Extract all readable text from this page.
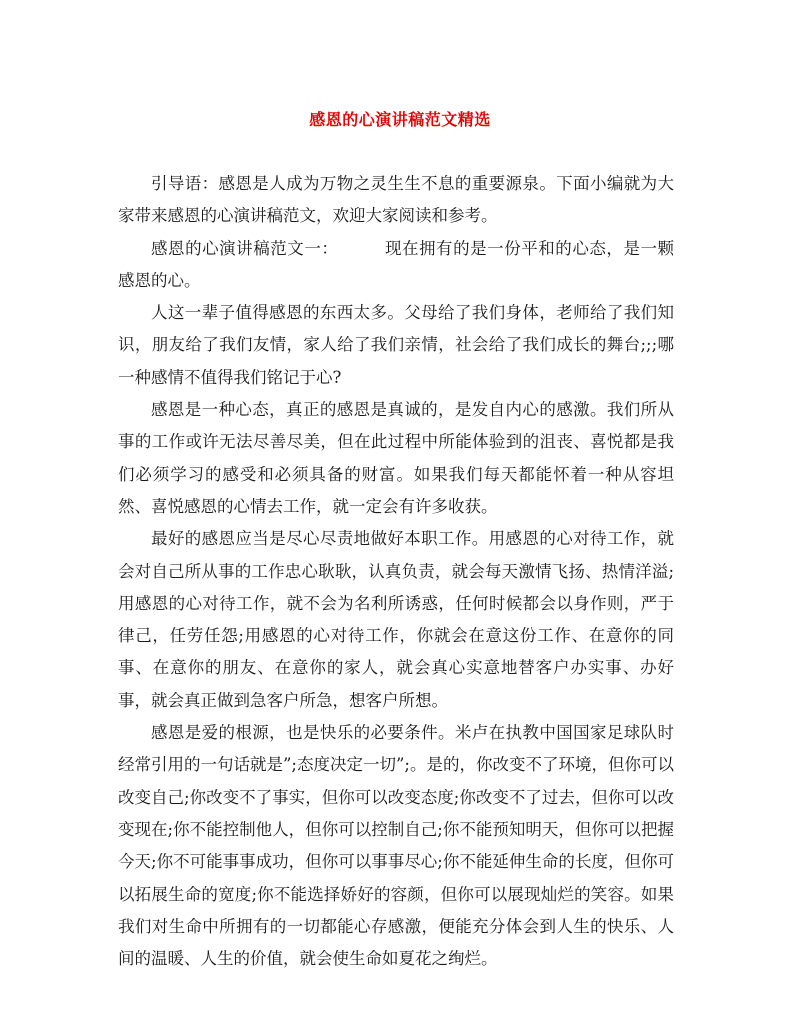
感恩的心演讲稿范文精选

引导语：感恩是人成为万物之灵生生不息的重要源泉。下面小编就为大家带来感恩的心演讲稿范文，欢迎大家阅读和参考。

感恩的心演讲稿范文一：	现在拥有的是一份平和的心态，是一颗感恩的心。

人这一辈子值得感恩的东西太多。父母给了我们身体，老师给了我们知识，朋友给了我们友情，家人给了我们亲情，社会给了我们成长的舞台;;;哪一种感情不值得我们铭记于心?

感恩是一种心态，真正的感恩是真诚的，是发自内心的感激。我们所从事的工作或许无法尽善尽美，但在此过程中所能体验到的沮丧、喜悦都是我们必须学习的感受和必须具备的财富。如果我们每天都能怀着一种从容坦然、喜悦感恩的心情去工作，就一定会有许多收获。

最好的感恩应当是尽心尽责地做好本职工作。用感恩的心对待工作，就会对自己所从事的工作忠心耿耿，认真负责，就会每天激情飞扬、热情洋溢;用感恩的心对待工作，就不会为名利所诱惑，任何时候都会以身作则，严于律己，任劳任怨;用感恩的心对待工作，你就会在意这份工作、在意你的同事、在意你的朋友、在意你的家人，就会真心实意地替客户办实事、办好事，就会真正做到急客户所急，想客户所想。

感恩是爱的根源，也是快乐的必要条件。米卢在执教中国国家足球队时经常引用的一句话就是”;态度决定一切”;。是的，你改变不了环境，但你可以改变自己;你改变不了事实，但你可以改变态度;你改变不了过去，但你可以改变现在;你不能控制他人，但你可以控制自己;你不能预知明天，但你可以把握今天;你不可能事事成功，但你可以事事尽心;你不能延伸生命的长度，但你可以拓展生命的宽度;你不能选择娇好的容颜，但你可以展现灿烂的笑容。如果我们对生命中所拥有的一切都能心存感激，便能充分体会到人生的快乐、人间的温暖、人生的价值，就会使生命如夏花之绚烂。
